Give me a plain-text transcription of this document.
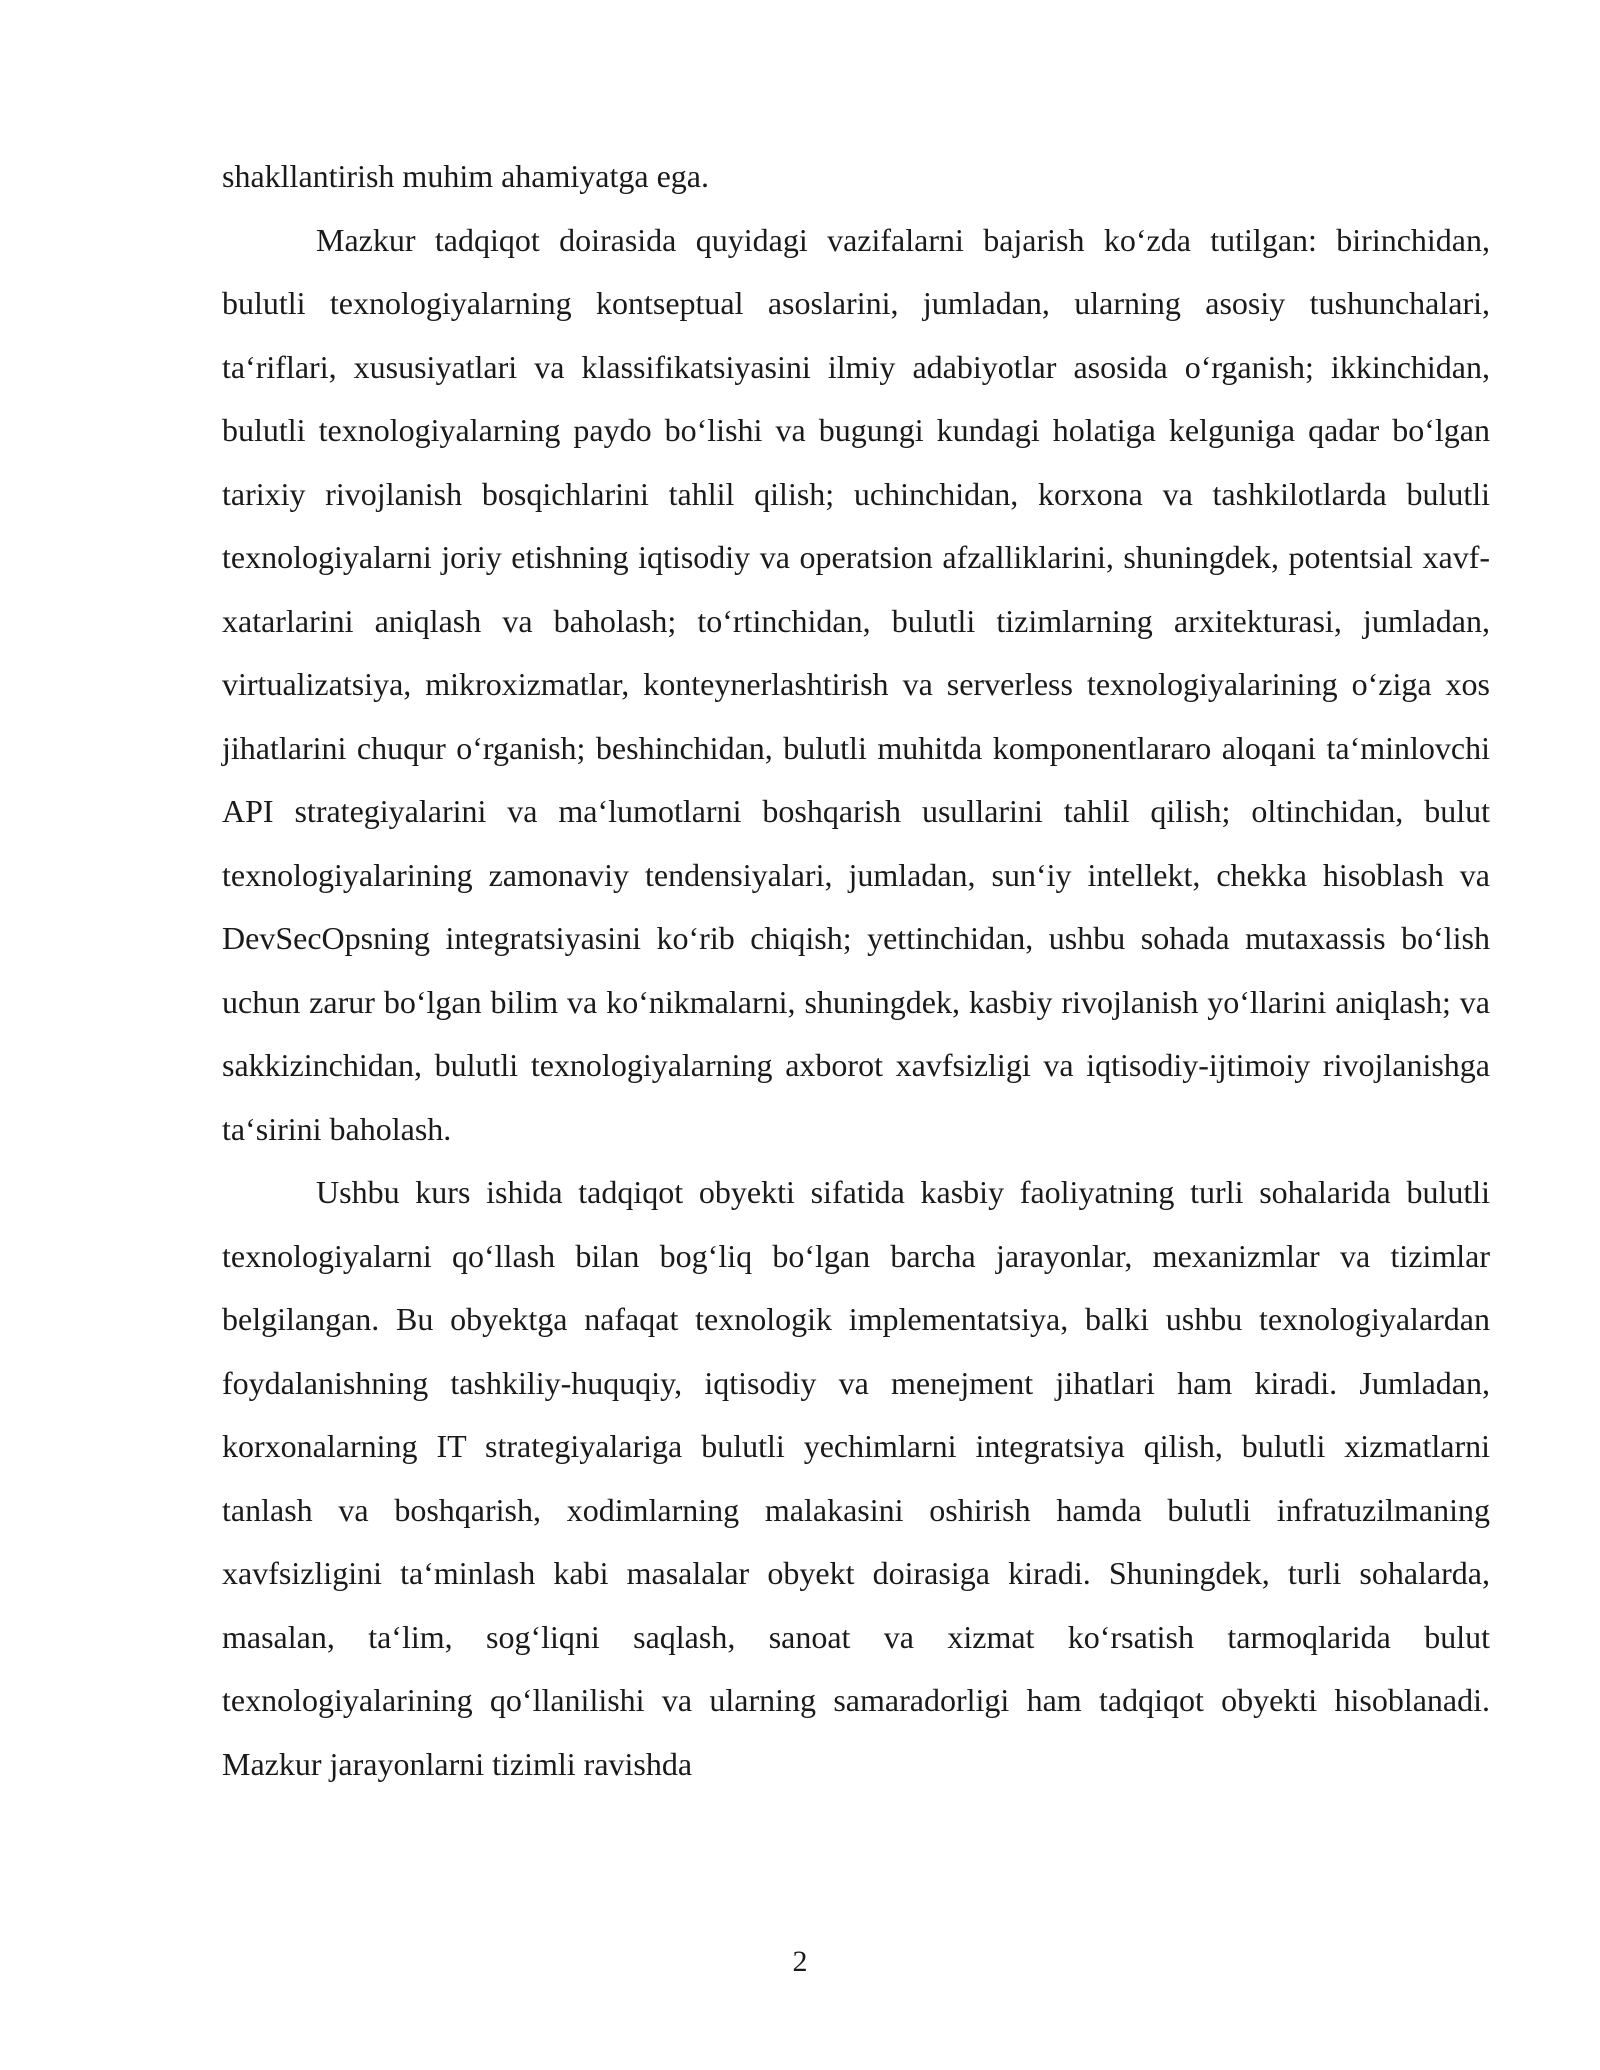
shakllantirish muhim ahamiyatga ega.

Mazkur tadqiqot doirasida quyidagi vazifalarni bajarish ko‘zda tutilgan: birinchidan, bulutli texnologiyalarning kontseptual asoslarini, jumladan, ularning asosiy tushunchalari, ta‘riflari, xususiyatlari va klassifikatsiyasini ilmiy adabiyotlar asosida o‘rganish; ikkinchidan, bulutli texnologiyalarning paydo bo‘lishi va bugungi kundagi holatiga kelguniga qadar bo‘lgan tarixiy rivojlanish bosqichlarini tahlil qilish; uchinchidan, korxona va tashkilotlarda bulutli texnologiyalarni joriy etishning iqtisodiy va operatsion afzalliklarini, shuningdek, potentsial xavf-xatarlarini aniqlash va baholash; to‘rtinchidan, bulutli tizimlarning arxitekturasi, jumladan, virtualizatsiya, mikroxizmatlar, konteynerlashtirish va serverless texnologiyalarining o‘ziga xos jihatlarini chuqur o‘rganish; beshinchidan, bulutli muhitda komponentlararo aloqani ta‘minlovchi API strategiyalarini va ma‘lumotlarni boshqarish usullarini tahlil qilish; oltinchidan, bulut texnologiyalarining zamonaviy tendensiyalari, jumladan, sun‘iy intellekt, chekka hisoblash va DevSecOpsning integratsiyasini ko‘rib chiqish; yettinchidan, ushbu sohada mutaxassis bo‘lish uchun zarur bo‘lgan bilim va ko‘nikmalarni, shuningdek, kasbiy rivojlanish yo‘llarini aniqlash; va sakkizinchidan, bulutli texnologiyalarning axborot xavfsizligi va iqtisodiy-ijtimoiy rivojlanishga ta‘sirini baholash.

Ushbu kurs ishida tadqiqot obyekti sifatida kasbiy faoliyatning turli sohalarida bulutli texnologiyalarni qo‘llash bilan bog‘liq bo‘lgan barcha jarayonlar, mexanizmlar va tizimlar belgilangan. Bu obyektga nafaqat texnologik implementatsiya, balki ushbu texnologiyalardan foydalanishning tashkiliy-huquqiy, iqtisodiy va menejment jihatlari ham kiradi. Jumladan, korxonalarning IT strategiyalariga bulutli yechimlarni integratsiya qilish, bulutli xizmatlarni tanlash va boshqarish, xodimlarning malakasini oshirish hamda bulutli infratuzilmaning xavfsizligini ta‘minlash kabi masalalar obyekt doirasiga kiradi. Shuningdek, turli sohalarda, masalan, ta‘lim, sog‘liqni saqlash, sanoat va xizmat ko‘rsatish tarmoqlarida bulut texnologiyalarining qo‘llanilishi va ularning samaradorligi ham tadqiqot obyekti hisoblanadi. Mazkur jarayonlarni tizimli ravishda

2
